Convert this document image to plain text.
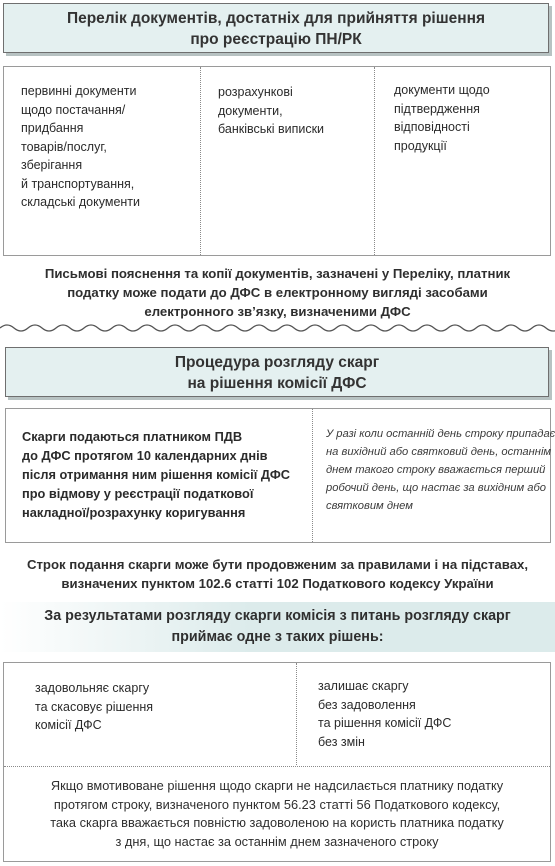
Перелік документів, достатніх для прийняття рішення
про реєстрацію ПН/РК
первинні документи
щодо постачання/
придбання
товарів/послуг,
зберігання
й транспортування,
складські документи
розрахункові
документи,
банківські виписки
документи щодо
підтвердження
відповідності
продукції
Письмові пояснення та копії документів, зазначені у Переліку, платник
податку може подати до ДФС в електронному вигляді засобами
електронного зв’язку, визначеними ДФС
Процедура розгляду скарг
на рішення комісії ДФС
Скарги подаються платником ПДВ
до ДФС протягом 10 календарних днів
після отримання ним рішення комісії ДФС
про відмову у реєстрації податкової
накладної/розрахунку коригування
У разі коли останній день строку припадає
на вихідний або святковий день, останнім
днем такого строку вважається перший
робочий день, що настає за вихідним або
святковим днем
Строк подання скарги може бути продовженим за правилами і на підставах,
визначених пунктом 102.6 статті 102 Податкового кодексу України
За результатами розгляду скарги комісія з питань розгляду скарг
приймає одне з таких рішень:
задовольняє скаргу
та скасовує рішення
комісії ДФС
залишає скаргу
без задоволення
та рішення комісії ДФС
без змін
Якщо вмотивоване рішення щодо скарги не надсилається платнику податку
протягом строку, визначеного пунктом 56.23 статті 56 Податкового кодексу,
така скарга вважається повністю задоволеною на користь платника податку
з дня, що настає за останнім днем зазначеного строку
